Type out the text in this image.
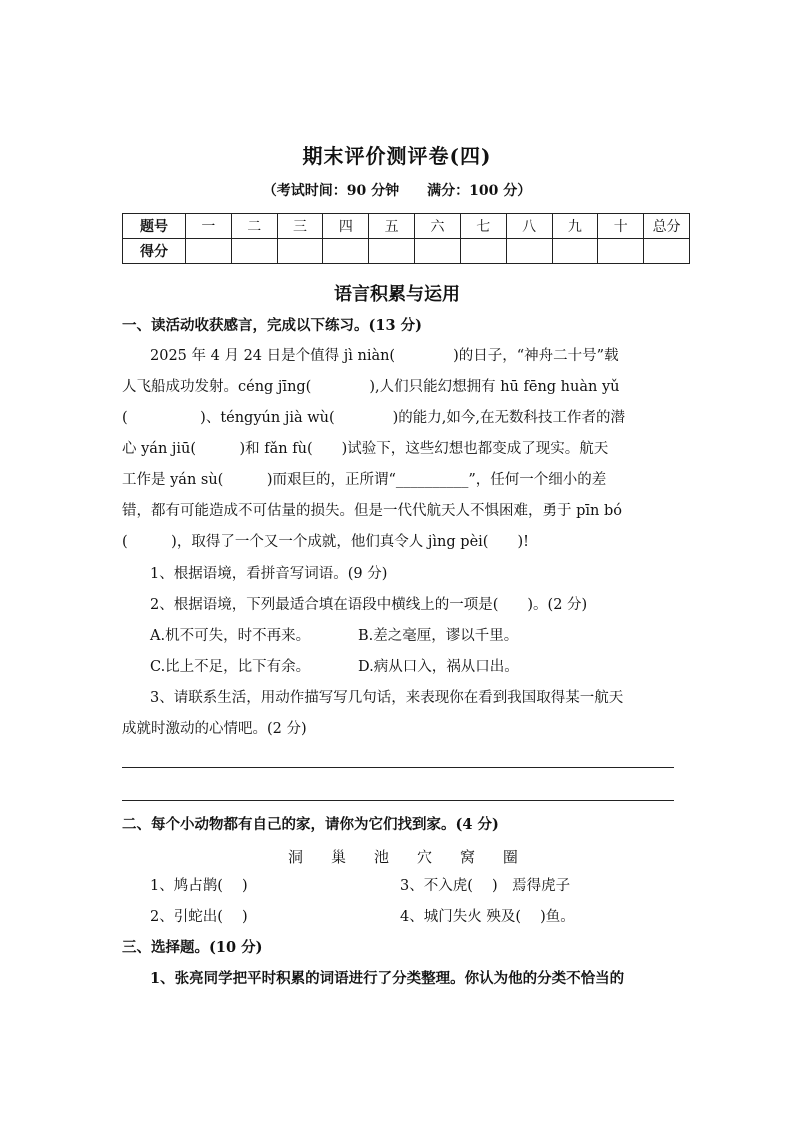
期末评价测评卷(四)
（考试时间：90 分钟 满分：100 分）
题号	一	二	三	四	五	六	七	八	九	十	总分
得分											
语言积累与运用
一、读活动收获感言，完成以下练习。(13 分)
2025 年 4 月 24 日是个值得 jì niàn(　　　　)的日子，“神舟二十号”载
人飞船成功发射。céng jīng(　　　　),人们只能幻想拥有 hū fēng huàn yǔ
(　　　　　)、téngyún jià wù(　　　　)的能力,如今,在无数科技工作者的潜
心 yán jiū(　　　)和 fǎn fù(　　)试验下，这些幻想也都变成了现实。航天
工作是 yán sù(　　　)而艰巨的，正所谓“__________”，任何一个细小的差
错，都有可能造成不可估量的损失。但是一代代航天人不惧困难，勇于 pīn bó
(　　　)，取得了一个又一个成就，他们真令人 jìng pèi(　　)!
1、根据语境，看拼音写词语。(9 分)
2、根据语境，下列最适合填在语段中横线上的一项是(　　)。(2 分)
A.机不可失，时不再来。	B.差之毫厘，谬以千里。
C.比上不足，比下有余。	D.病从口入，祸从口出。
3、请联系生活，用动作描写写几句话，来表现你在看到我国取得某一航天
成就时激动的心情吧。(2 分)
二、每个小动物都有自己的家，请你为它们找到家。(4 分)
洞 巢 池 穴 窝 圈
1、鸠占鹊(　 )	3、不入虎(　 )　焉得虎子
2、引蛇出(　 )	4、城门失火 殃及(　 )鱼。
三、选择题。(10 分)
1、张亮同学把平时积累的词语进行了分类整理。你认为他的分类不恰当的
